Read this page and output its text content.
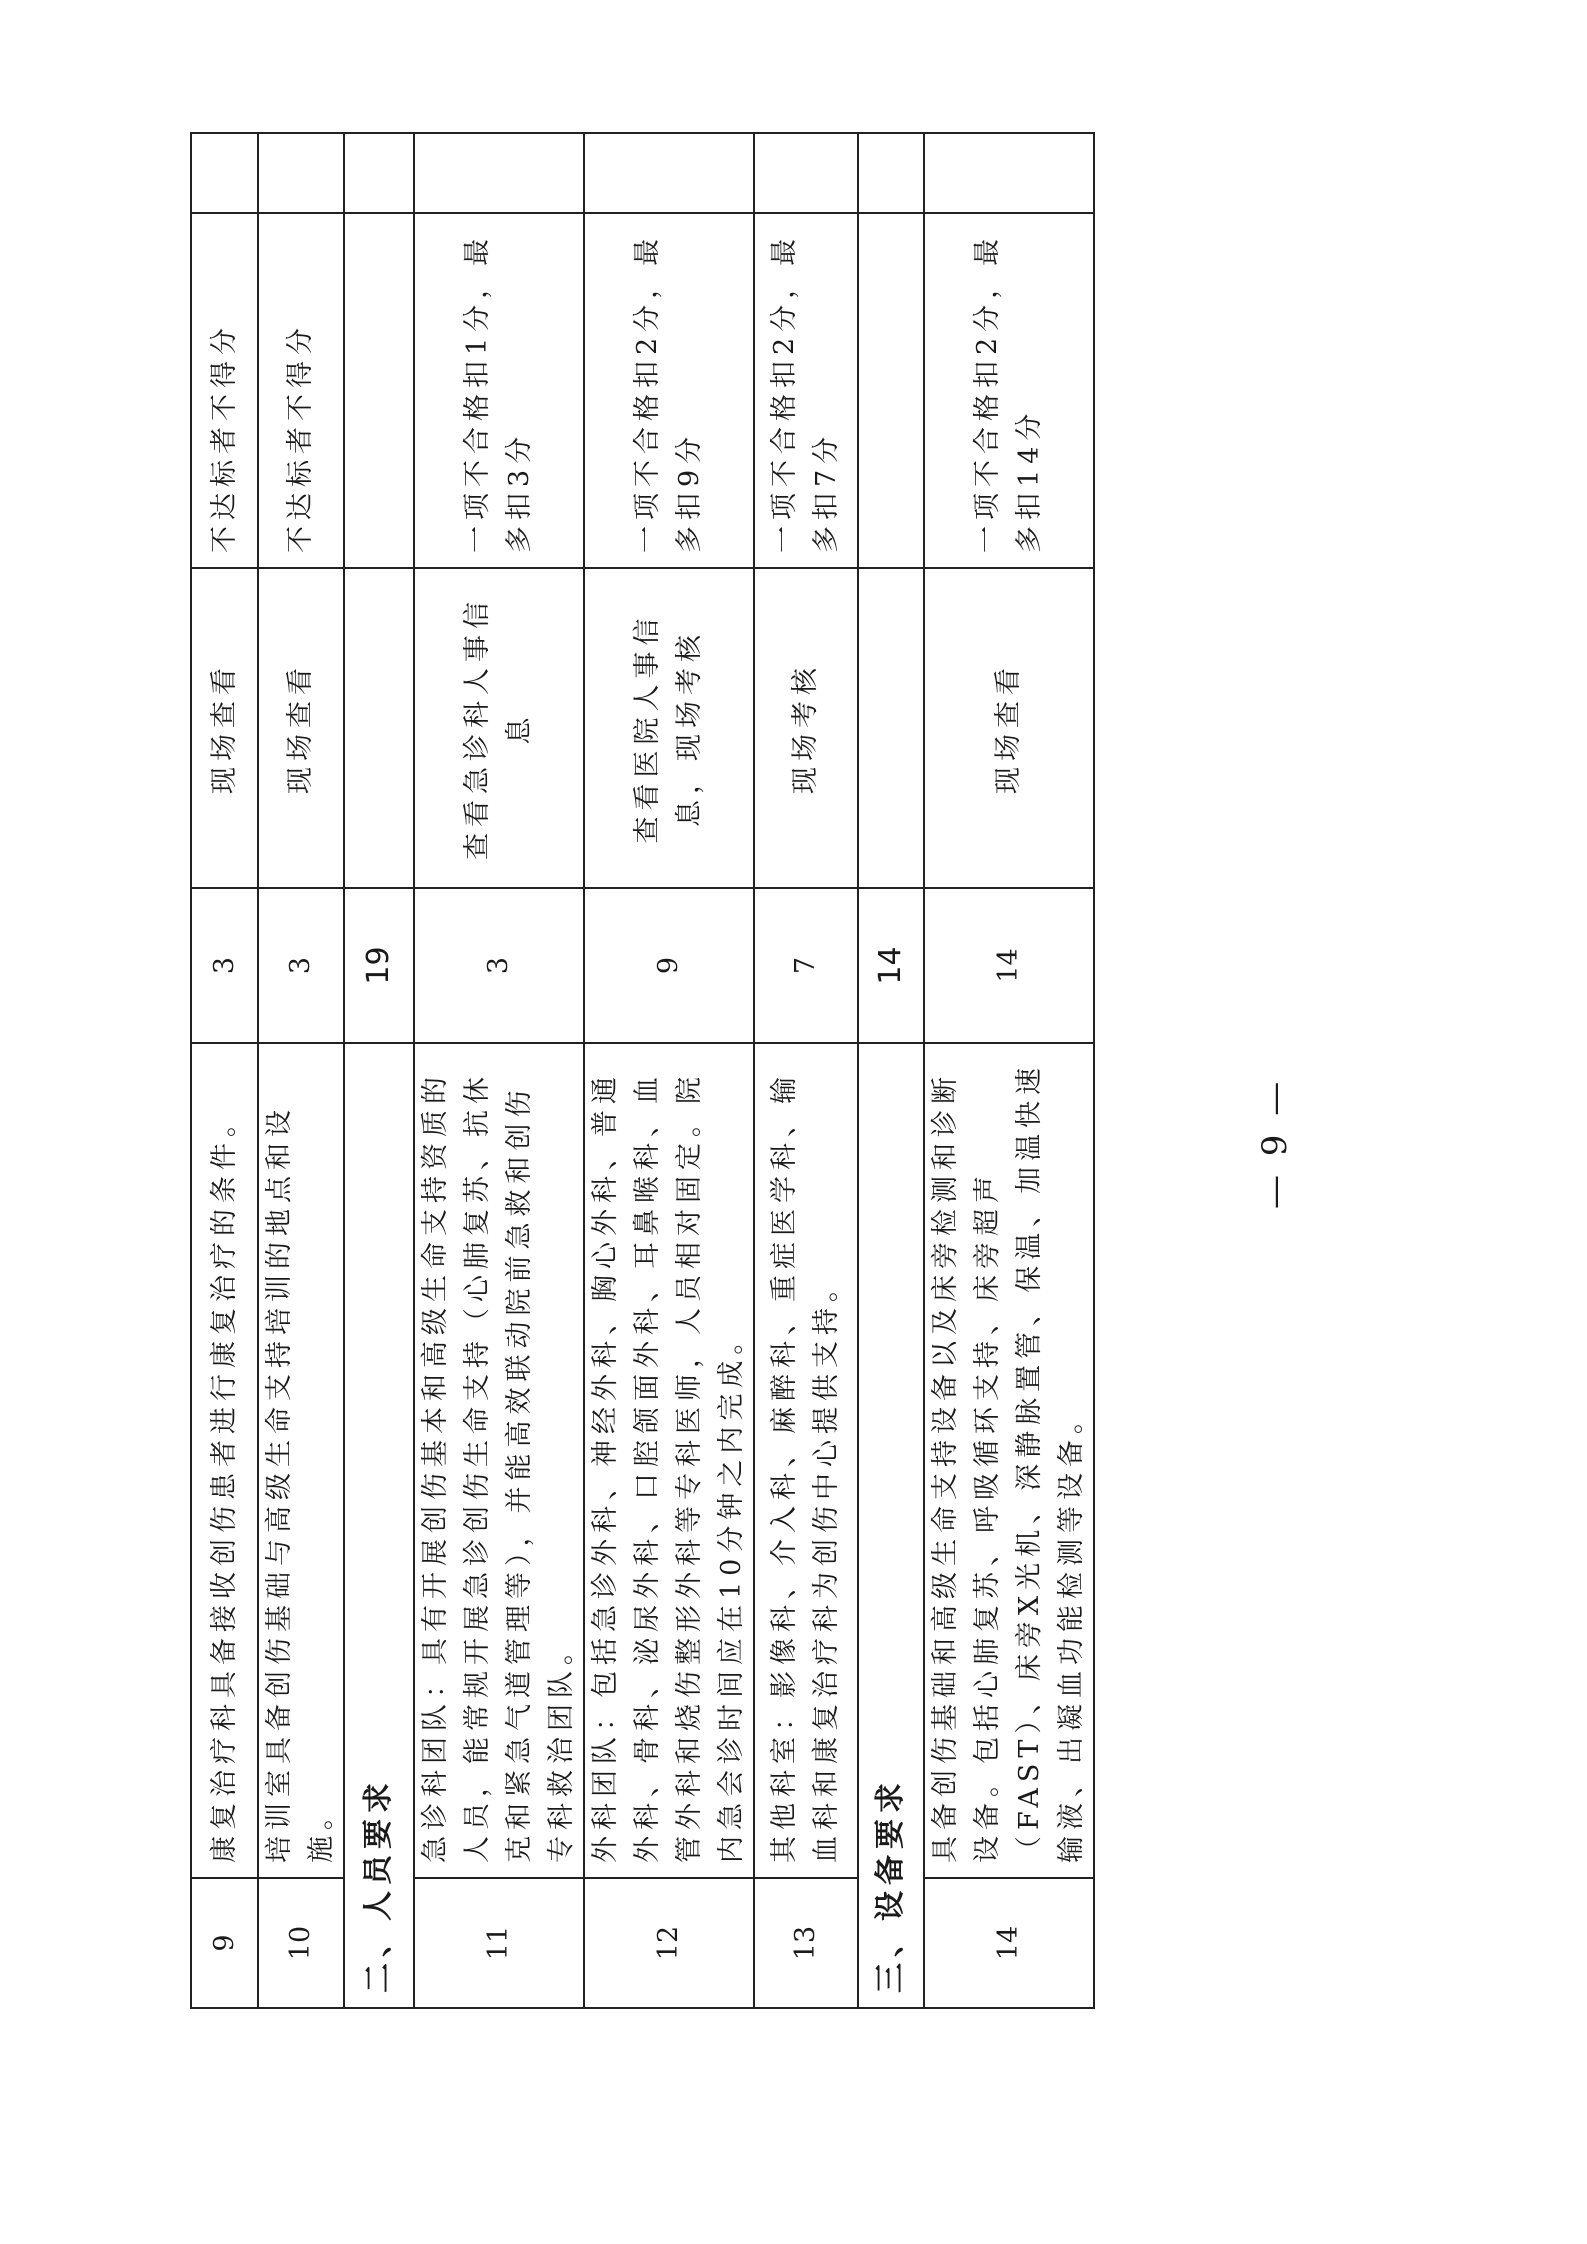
9	康复治疗科具备接收创伤患者进行康复治疗的条件。	3	现场查看	不达标者不得分	
10	培训室具备创伤基础与高级生命支持培训的地点和设施。	3	现场查看	不达标者不得分	
二、人员要求		19			
11	急诊科团队：具有开展创伤基本和高级生命支持资质的人员，能常规开展急诊创伤生命支持（心肺复苏、抗休克和紧急气道管理等），并能高效联动院前急救和创伤专科救治团队。	3	查看急诊科人事信息	一项不合格扣1分，最多扣3分	
12	外科团队：包括急诊外科、神经外科、胸心外科、普通外科、骨科、泌尿外科、口腔颌面外科、耳鼻喉科、血管外科和烧伤整形外科等专科医师，人员相对固定。院内急会诊时间应在10分钟之内完成。	9	查看医院人事信息，现场考核	一项不合格扣2分，最多扣9分	
13	其他科室：影像科、介入科、麻醉科、重症医学科、输血科和康复治疗科为创伤中心提供支持。	7	现场考核	一项不合格扣2分，最多扣7分	
三、设备要求		14			
14	具备创伤基础和高级生命支持设备以及床旁检测和诊断设备。包括心肺复苏、呼吸循环支持、床旁超声（FAST）、床旁X光机、深静脉置管、保温、加温快速输液、出凝血功能检测等设备。	14	现场查看	一项不合格扣2分，最多扣14分	
— 9 —
